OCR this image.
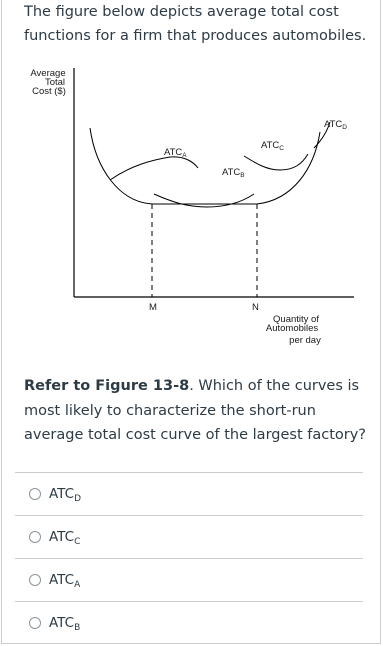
The figure below depicts average total cost functions for a firm that produces automobiles.
Average
Total
Cost ($)
$ATC_A$
$ATC_B$
$ATC_C$
$ATC_D$
M	N
Quantity of
Automobiles
per day
Refer to Figure 13-8. Which of the curves is most likely to characterize the short-run average total cost curve of the largest factory?
$ATC_D$
$ATC_C$
$ATC_A$
$ATC_B$
